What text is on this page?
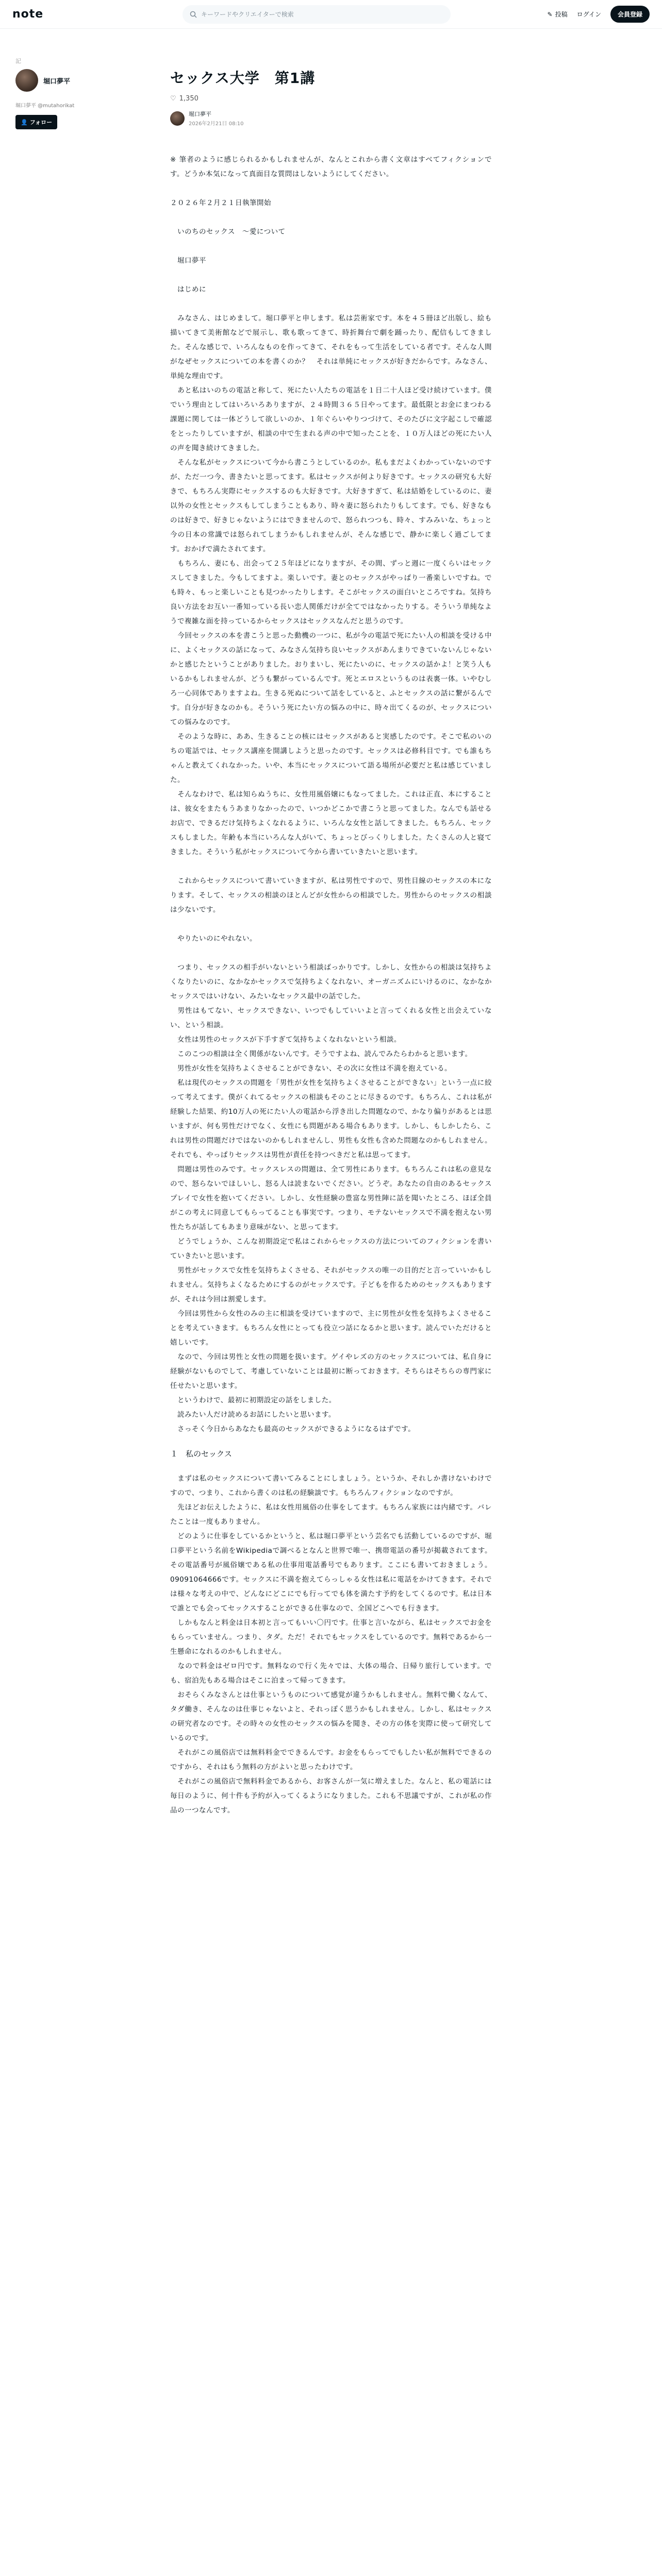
note	キーワードやクリエイターで検索	✎ 投稿 ログイン	会員登録
記
堀口夢平
堀口夢平 @mutahorikat
👤 フォロー
セックス大学　第1講
♡ 1,350
堀口夢平
2026年2月21日 08:10

※ 筆者のように感じられるかもしれませんが、なんとこれから書く文章はすべてフィクションです。どうか本気になって真面目な質問はしないようにしてください。

２０２６年２月２１日執筆開始

　いのちのセックス　〜愛について

　堀口夢平

　はじめに

　みなさん、はじめまして。堀口夢平と申します。私は芸術家です。本を４５冊ほど出版し、絵も描いてきて美術館などで展示し、歌も歌ってきて、時折舞台で劇を踊ったり、配信もしてきました。そんな感じで、いろんなものを作ってきて、それをもって生活をしている者です。そんな人間がなぜセックスについての本を書くのか？　それは単純にセックスが好きだからです。みなさん、単純な理由です。

　あと私はいのちの電話と称して、死にたい人たちの電話を１日二十人ほど受け続けています。僕でいう理由としてはいろいろありますが、２４時間３６５日やってます。最低限とお金にまつわる課題に関しては一体どうして欲しいのか、１年ぐらいやりつづけて、そのたびに文字起こしで確認をとったりしていますが、相談の中で生まれる声の中で知ったことを、１０万人ほどの死にたい人の声を聞き続けてきました。

　そんな私がセックスについて今から書こうとしているのか。私もまだよくわかっていないのですが、ただ一つ今、書きたいと思ってます。私はセックスが何より好きです。セックスの研究も大好きで、もちろん実際にセックスするのも大好きです。大好きすぎて、私は結婚をしているのに、妻以外の女性とセックスもしてしまうこともあり、時々妻に怒られたりもしてます。でも、好きなものは好きで、好きじゃないようにはできませんので、怒られつつも、時々、すみみいな、ちょっと今の日本の常識では怒られてしまうかもしれませんが、そんな感じで、静かに楽しく過ごしてます。おかげで満たされてます。

　もちろん、妻にも、出会って２５年ほどになりますが、その間、ずっと週に一度くらいはセックスしてきました。今もしてますよ。楽しいです。妻とのセックスがやっぱり一番楽しいですね。でも時々、もっと楽しいことも見つかったりします。そこがセックスの面白いところですね。気持ち良い方法をお互い一番知っている長い恋人関係だけが全てではなかったりする。そういう単純なようで複雑な面を持っているからセックスはセックスなんだと思うのです。

　今回セックスの本を書こうと思った動機の一つに、私が今の電話で死にたい人の相談を受ける中に、よくセックスの話になって、みなさん気持ち良いセックスがあんまりできていないんじゃないかと感じたということがありました。おりまいし、死にたいのに、セックスの話かよ！と笑う人もいるかもしれませんが、どうも繋がっているんです。死とエロスというものは表裏一体。いやむしろ一心同体でありますよね。生きる死ぬについて話をしていると、ふとセックスの話に繋がるんです。自分が好きなのかも。そういう死にたい方の悩みの中に、時々出てくるのが、セックスについての悩みなのです。

　そのような時に、ああ、生きることの核にはセックスがあると実感したのです。そこで私のいのちの電話では、セックス講座を開講しようと思ったのです。セックスは必修科目です。でも誰もちゃんと教えてくれなかった。いや、本当にセックスについて語る場所が必要だと私は感じていました。

　そんなわけで、私は知らぬうちに、女性用風俗嬢にもなってました。これは正直、本にすることは、彼女をまたもうあまりなかったので、いつかどこかで書こうと思ってました。なんでも話せるお店で、できるだけ気持ちよくなれるように、いろんな女性と話してきました。もちろん、セックスもしました。年齢も本当にいろんな人がいて、ちょっとびっくりしました。たくさんの人と寝てきました。そういう私がセックスについて今から書いていきたいと思います。

　これからセックスについて書いていきますが、私は男性ですので、男性目線のセックスの本になります。そして、セックスの相談のほとんどが女性からの相談でした。男性からのセックスの相談は少ないです。

　やりたいのにやれない。

　つまり、セックスの相手がいないという相談ばっかりです。しかし、女性からの相談は気持ちよくなりたいのに、なかなかセックスで気持ちよくなれない、オーガニズムにいけるのに、なかなかセックスではいけない、みたいなセックス最中の話でした。

　男性はもてない、セックスできない、いつでもしていいよと言ってくれる女性と出会えていない、という相談。

　女性は男性のセックスが下手すぎて気持ちよくなれないという相談。

　このこつの相談は全く関係がないんです。そうですよね、読んでみたらわかると思います。

　男性が女性を気持ちよくさせることができない、その次に女性は不満を抱えている。

　私は現代のセックスの問題を「男性が女性を気持ちよくさせることができない」という一点に絞って考えてます。僕がくれてるセックスの相談もそのことに尽きるのです。もちろん、これは私が経験した結果、約10万人の死にたい人の電話から浮き出した問題なので、かなり偏りがあるとは思いますが、何も男性だけでなく、女性にも問題がある場合もあります。しかし、もしかしたら、これは男性の問題だけではないのかもしれませんし、男性も女性も含めた問題なのかもしれません。それでも、やっぱりセックスは男性が責任を持つべきだと私は思ってます。

　問題は男性のみです。セックスレスの問題は、全て男性にあります。もちろんこれは私の意見なので、怒らないでほしいし、怒る人は読まないでください。どうぞ。あなたの自由のあるセックスプレイで女性を抱いてください。しかし、女性経験の豊富な男性陣に話を聞いたところ、ほぼ全員がこの考えに同意してもらってることも事実です。つまり、モテないセックスで不満を抱えない男性たちが話してもあまり意味がない、と思ってます。

　どうでしょうか、こんな初期設定で私はこれからセックスの方法についてのフィクションを書いていきたいと思います。

　男性がセックスで女性を気持ちよくさせる、それがセックスの唯一の目的だと言っていいかもしれません。気持ちよくなるためにするのがセックスです。子どもを作るためのセックスもありますが、それは今回は割愛します。

　今回は男性から女性のみの主に相談を受けていますので、主に男性が女性を気持ちよくさせることを考えていきます。もちろん女性にとっても役立つ話になるかと思います。読んでいただけると嬉しいです。

　なので、今回は男性と女性の問題を扱います。ゲイやレズの方のセックスについては、私自身に経験がないものでして、考慮していないことは最初に断っておきます。そちらはそちらの専門家に任せたいと思います。

　というわけで、最初に初期設定の話をしました。

　読みたい人だけ読めるお話にしたいと思います。

　さっそく今日からあなたも最高のセックスができるようになるはずです。

１　私のセックス

　まずは私のセックスについて書いてみることにしましょう。というか、それしか書けないわけですので、つまり、これから書くのは私の経験談です。もちろんフィクションなのですが。

　先ほどお伝えしたように、私は女性用風俗の仕事をしてます。もちろん家族には内緒です。バレたことは一度もありません。

　どのように仕事をしているかというと、私は堀口夢平という芸名でも活動しているのですが、堀口夢平という名前をWikipediaで調べるとなんと世界で唯一、携帯電話の番号が掲載されてます。その電話番号が風俗嬢である私の仕事用電話番号でもあります。ここにも書いておきましょう。09091064666です。セックスに不満を抱えてらっしゃる女性は私に電話をかけてきます。それでは様々な考えの中で、どんなにどこにでも行ってでも体を満たす予約をしてくるのです。私は日本で誰とでも会ってセックスすることができる仕事なので、全国どこへでも行きます。

　しかもなんと料金は日本初と言ってもいい〇円です。仕事と言いながら、私はセックスでお金をもらっていません。つまり、タダ。ただ！それでもセックスをしているのです。無料であるから一生懸命になれるのかもしれません。

　なので料金はゼロ円です。無料なので行く先々では、大体の場合、日帰り旅行しています。でも、宿泊先もある場合はそこに泊まって帰ってきます。

　おそらくみなさんとは仕事というものについて感覚が違うかもしれません。無料で働くなんて、タダ働き、そんなのは仕事じゃないよと、それっぽく思うかもしれません。しかし、私はセックスの研究者なのです。その時々の女性のセックスの悩みを聞き、その方の体を実際に使って研究しているのです。

　それがこの風俗店では無料料金でできるんです。お金をもらってでもしたい私が無料でできるのですから、それはもう無料の方がよいと思ったわけです。

　それがこの風俗店で無料料金であるから、お客さんが一気に増えました。なんと、私の電話には毎日のように、何十件も予約が入ってくるようになりました。これも不思議ですが、これが私の作品の一つなんです。
